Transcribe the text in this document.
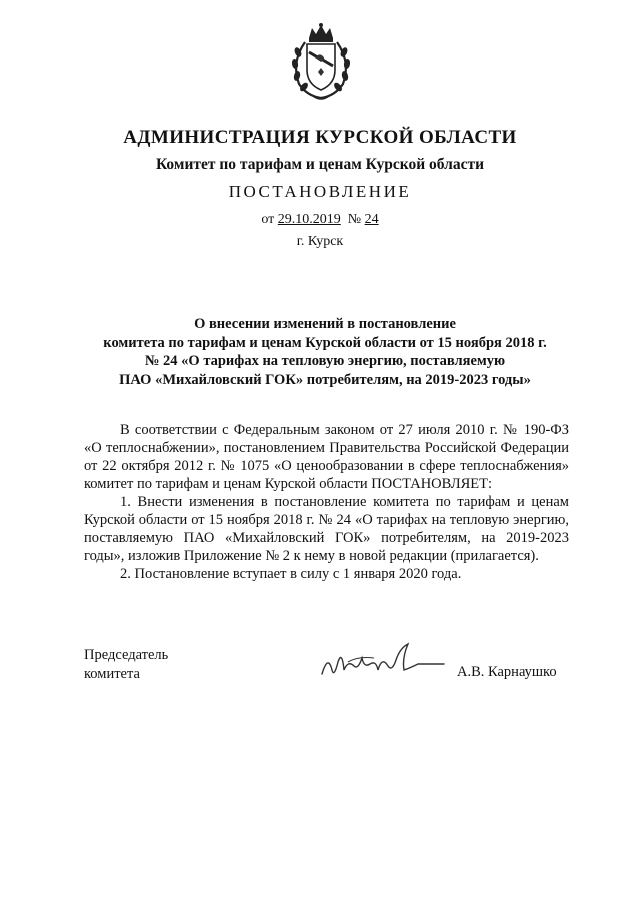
АДМИНИСТРАЦИЯ КУРСКОЙ ОБЛАСТИ
Комитет по тарифам и ценам Курской области
ПОСТАНОВЛЕНИЕ
от 29.10.2019 № 24
г. Курск
О внесении изменений в постановление
комитета по тарифам и ценам Курской области от 15 ноября 2018 г.
№ 24 «О тарифах на тепловую энергию, поставляемую
ПАО «Михайловский ГОК» потребителям, на 2019-2023 годы»

В соответствии с Федеральным законом от 27 июля 2010 г. № 190-ФЗ «О теплоснабжении», постановлением Правительства Российской Федерации от 22 октября 2012 г. № 1075 «О ценообразовании в сфере теплоснабжения» комитет по тарифам и ценам Курской области ПОСТАНОВЛЯЕТ:

1. Внести изменения в постановление комитета по тарифам и ценам Курской области от 15 ноября 2018 г. № 24 «О тарифах на тепловую энергию, поставляемую ПАО «Михайловский ГОК» потребителям, на 2019-2023 годы», изложив Приложение № 2 к нему в новой редакции (прилагается).

2. Постановление вступает в силу с 1 января 2020 года.

Председатель
комитета	А.В. Карнаушко
